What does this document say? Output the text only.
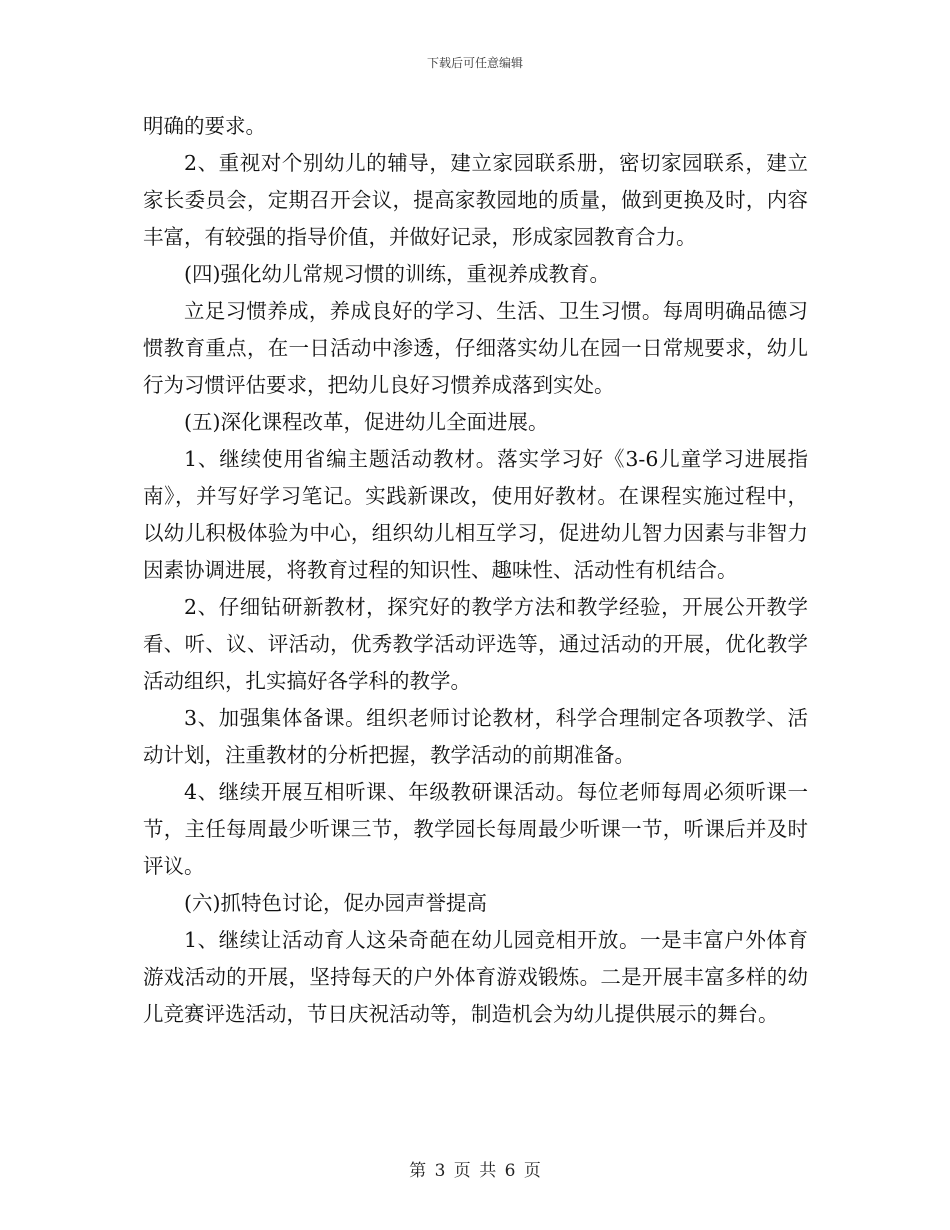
下载后可任意编辑

明确的要求。

2、重视对个别幼儿的辅导，建立家园联系册，密切家园联系，建立家长委员会，定期召开会议，提高家教园地的质量，做到更换及时，内容丰富，有较强的指导价值，并做好记录，形成家园教育合力。

(四)强化幼儿常规习惯的训练，重视养成教育。

立足习惯养成，养成良好的学习、生活、卫生习惯。每周明确品德习惯教育重点，在一日活动中渗透，仔细落实幼儿在园一日常规要求，幼儿行为习惯评估要求，把幼儿良好习惯养成落到实处。

(五)深化课程改革，促进幼儿全面进展。

1、继续使用省编主题活动教材。落实学习好《3-6儿童学习进展指南》，并写好学习笔记。实践新课改，使用好教材。在课程实施过程中，以幼儿积极体验为中心，组织幼儿相互学习，促进幼儿智力因素与非智力因素协调进展，将教育过程的知识性、趣味性、活动性有机结合。

2、仔细钻研新教材，探究好的教学方法和教学经验，开展公开教学看、听、议、评活动，优秀教学活动评选等，通过活动的开展，优化教学活动组织，扎实搞好各学科的教学。

3、加强集体备课。组织老师讨论教材，科学合理制定各项教学、活动计划，注重教材的分析把握，教学活动的前期准备。

4、继续开展互相听课、年级教研课活动。每位老师每周必须听课一节，主任每周最少听课三节，教学园长每周最少听课一节，听课后并及时评议。

(六)抓特色讨论，促办园声誉提高

1、继续让活动育人这朵奇葩在幼儿园竞相开放。一是丰富户外体育游戏活动的开展，坚持每天的户外体育游戏锻炼。二是开展丰富多样的幼儿竞赛评选活动，节日庆祝活动等，制造机会为幼儿提供展示的舞台。

第 3 页 共 6 页
